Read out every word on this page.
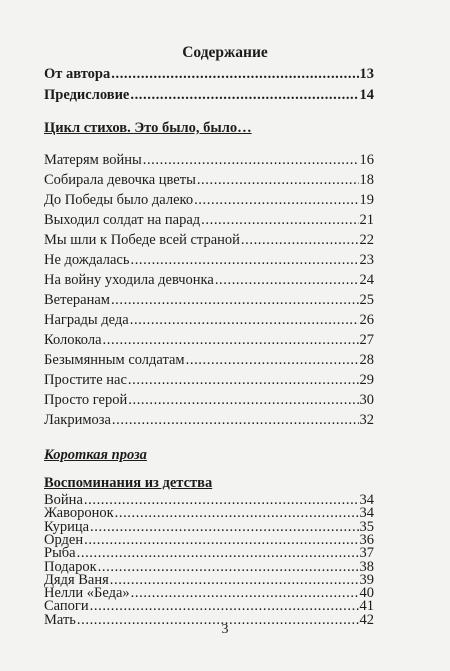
Содержание
От автора .....	13
Предисловие .....	14
Цикл стихов. Это было, было…
Матерям войны .....	16
Собирала девочка цветы .....	18
До Победы было далеко .....	19
Выходил солдат на парад .....	21
Мы шли к Победе всей страной .....	22
Не дождалась .....	23
На войну уходила девчонка .....	24
Ветеранам .....	25
Награды деда .....	26
Колокола .....	27
Безымянным солдатам .....	28
Простите нас .....	29
Просто герой .....	30
Лакримоза .....	32
Короткая проза
Воспоминания из детства
Война .....	34
Жаворонок .....	34
Курица .....	35
Орден .....	36
Рыба .....	37
Подарок .....	38
Дядя Ваня .....	39
Нелли «Беда» .....	40
Сапоги .....	41
Мать .....	42
3
